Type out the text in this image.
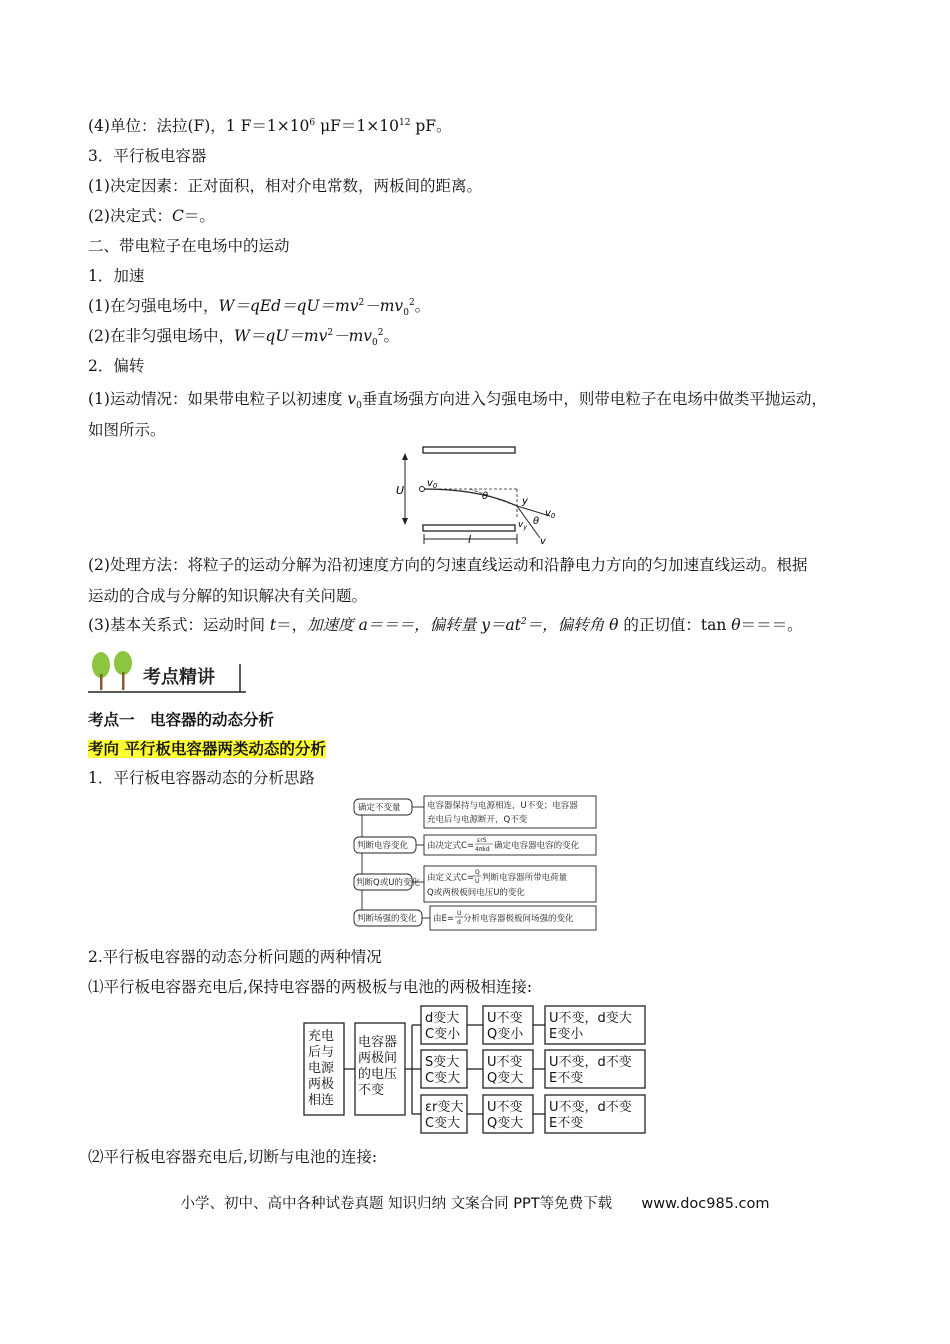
(4)单位：法拉(F)，1 $F=1\times 10^6$ $\mu F=1\times 10^{12}$ pF。
3．平行板电容器
(1)决定因素：正对面积，相对介电常数，两板间的距离。
(2)决定式：C＝。
二、带电粒子在电场中的运动
1．加速
(1)在匀强电场中，$W=qEd=qU=mv^2-mv_0^2$。
(2)在非匀强电场中，$W=qU=mv^2-mv_0^2$。
2．偏转
(1)运动情况：如果带电粒子以初速度 $v_0$垂直场强方向进入匀强电场中，则带电粒子在电场中做类平抛运动，
如图所示。
U
$v_0$
θ	y
$v_y$
θ
$v_0$
v
l
(2)处理方法：将粒子的运动分解为沿初速度方向的匀速直线运动和沿静电力方向的匀加速直线运动。根据
运动的合成与分解的知识解决有关问题。
(3)基本关系式：运动时间 t＝，加速度 a＝＝＝，偏转量 $y=at^2=$，偏转角 θ 的正切值：tan θ＝＝＝。
考点精讲
考点一　电容器的动态分析
考向 平行板电容器两类动态的分析
1．平行板电容器动态的分析思路
确定不变量
判断电容变化
判断Q或U的变化
判断场强的变化
电容器保持与电源相连，U不变；电容器
充电后与电源断开，Q不变
由决定式C= 确定电容器电容的变化
εrS
4πkd
由定义式C= 判断电容器所带电荷量
Q
U
Q或两极板间电压U的变化
由E= 分析电容器极板间场强的变化
U
d
2.平行板电容器的动态分析问题的两种情况
⑴平行板电容器充电后,保持电容器的两极板与电池的两极相连接:
充电
后与
电源
两极
相连
电容器
两极间
的电压
不变
d变大
C变小
S变大
C变大
εr变大
C变大
U不变
Q变小
U不变
Q变大
U不变
Q变大
U不变，d变大
E变小
U不变，d不变
E不变
U不变，d不变
E不变
⑵平行板电容器充电后,切断与电池的连接:
小学、初中、高中各种试卷真题 知识归纳 文案合同 PPT等免费下载 www.doc985.com
